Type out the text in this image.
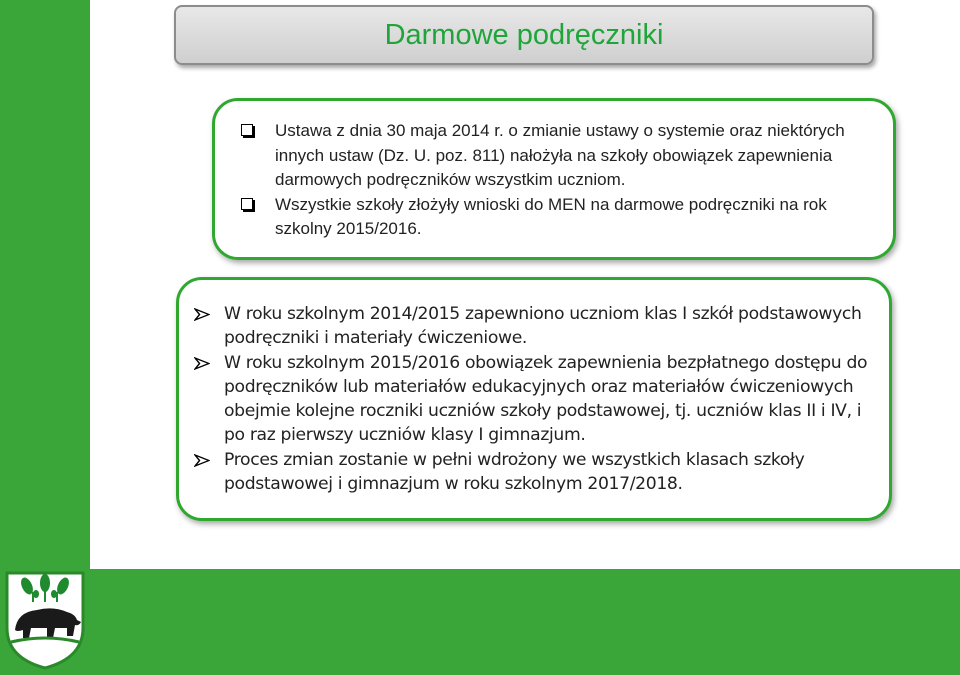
Darmowe podręczniki
Ustawa z dnia 30 maja 2014 r. o zmianie ustawy o systemie oraz niektórych innych ustaw (Dz. U. poz. 811) nałożyła na szkoły obowiązek zapewnienia darmowych podręczników wszystkim uczniom.
Wszystkie szkoły złożyły wnioski do MEN na darmowe podręczniki na rok szkolny 2015/2016.
W roku szkolnym 2014/2015 zapewniono uczniom klas I szkół podstawowych podręczniki i materiały ćwiczeniowe.
W roku szkolnym 2015/2016 obowiązek zapewnienia bezpłatnego dostępu do podręczników lub materiałów edukacyjnych oraz materiałów ćwiczeniowych obejmie kolejne roczniki uczniów szkoły podstawowej, tj. uczniów klas II i IV, i po raz pierwszy uczniów klasy I gimnazjum.
Proces zmian zostanie w pełni wdrożony we wszystkich klasach szkoły podstawowej i gimnazjum w roku szkolnym 2017/2018.
